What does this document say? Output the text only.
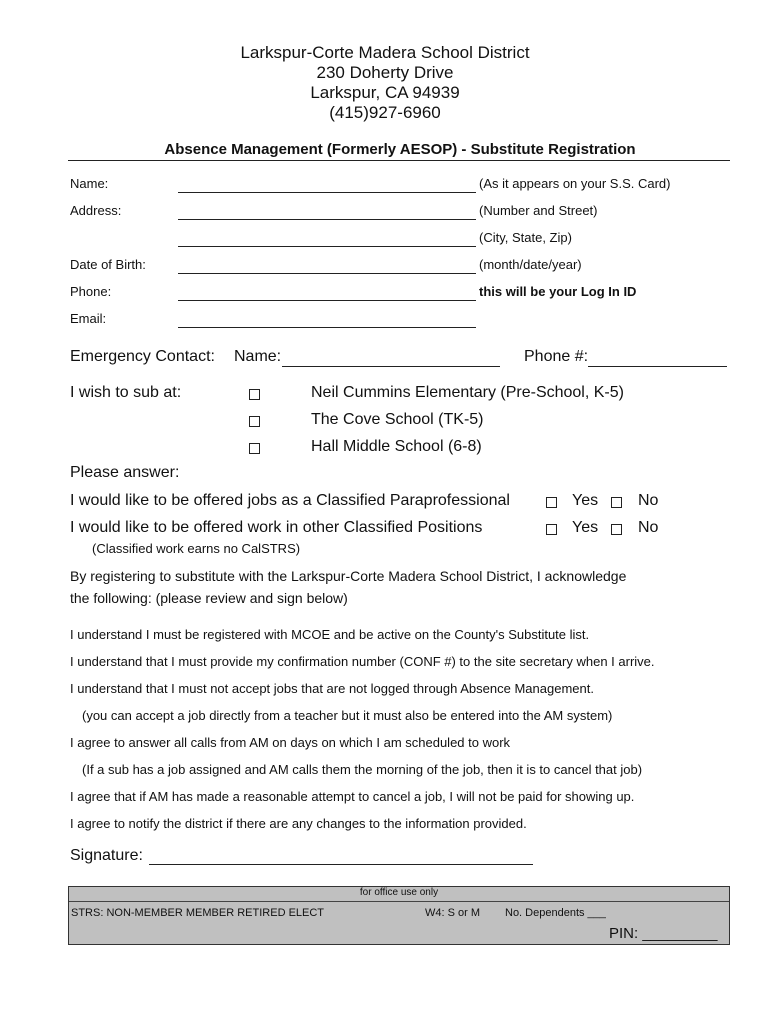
Larkspur-Corte Madera School District
230 Doherty Drive
Larkspur, CA 94939
(415)927-6960
Absence Management (Formerly AESOP) - Substitute Registration
Name:	(As it appears on your S.S. Card)
Address:	(Number and Street)
(City, State, Zip)
Date of Birth:	(month/date/year)
Phone:	this will be your Log In ID
Email:
Emergency Contact: Name:	Phone #:
I wish to sub at:	Neil Cummins Elementary (Pre-School, K-5)
The Cove School (TK-5)
Hall Middle School (6-8)
Please answer:
I would like to be offered jobs as a Classified Paraprofessional	Yes No
I would like to be offered work in other Classified Positions	Yes No
(Classified work earns no CalSTRS)
By registering to substitute with the Larkspur-Corte Madera School District, I acknowledge
the following: (please review and sign below)
I understand I must be registered with MCOE and be active on the County's Substitute list.
I understand that I must provide my confirmation number (CONF #) to the site secretary when I arrive.
I understand that I must not accept jobs that are not logged through Absence Management.
(you can accept a job directly from a teacher but it must also be entered into the AM system)
I agree to answer all calls from AM on days on which I am scheduled to work
(If a sub has a job assigned and AM calls them the morning of the job, then it is to cancel that job)
I agree that if AM has made a reasonable attempt to cancel a job, I will not be paid for showing up.
I agree to notify the district if there are any changes to the information provided.
Signature:
for office use only
STRS: NON-MEMBER MEMBER RETIRED ELECT	W4: S or M No. Dependents ___
PIN: _________
